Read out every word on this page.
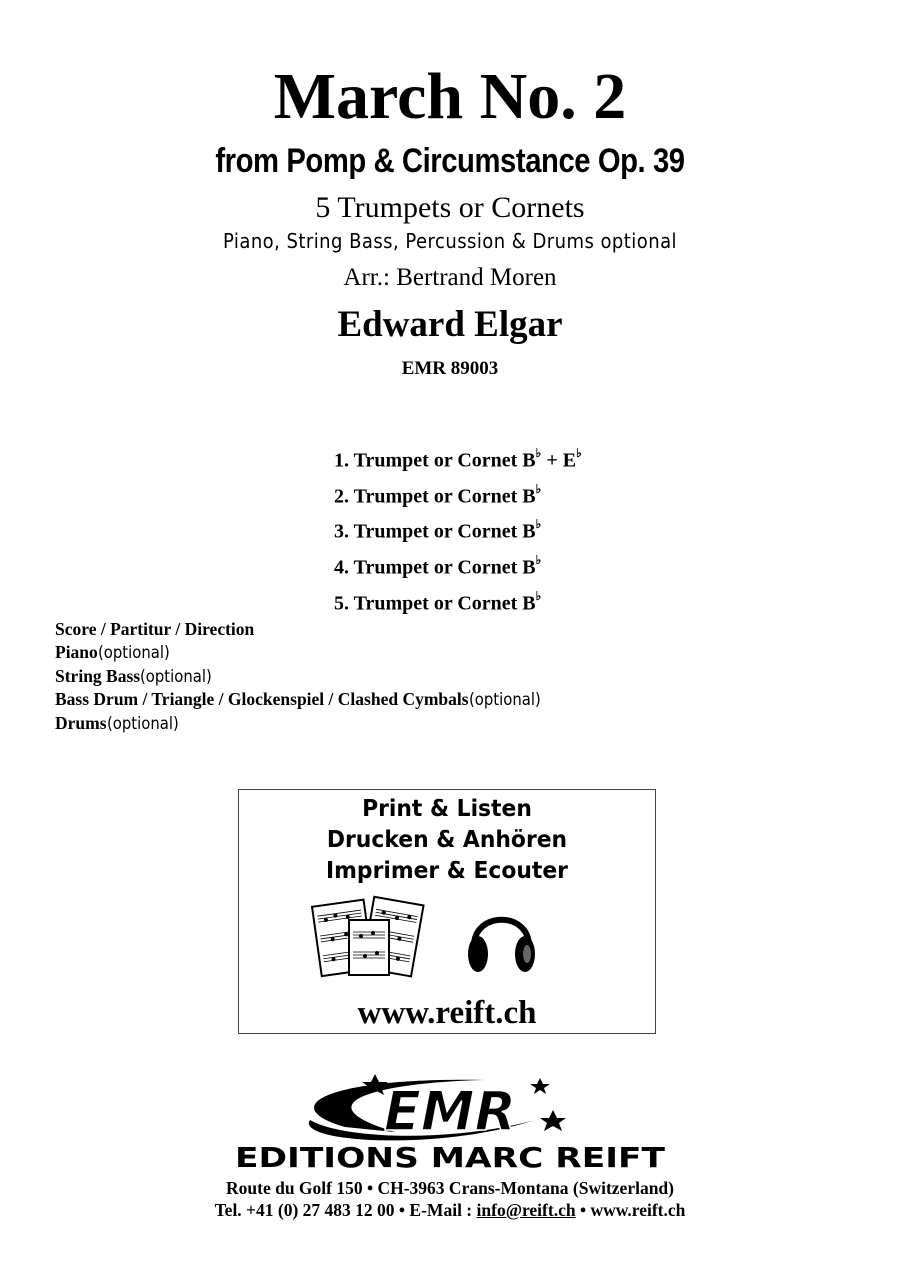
March No. 2
from Pomp & Circumstance Op. 39
5 Trumpets or Cornets
Piano, String Bass, Percussion & Drums optional
Arr.: Bertrand Moren
Edward Elgar
EMR 89003
1. Trumpet or Cornet B♭ + E♭
2. Trumpet or Cornet B♭
3. Trumpet or Cornet B♭
4. Trumpet or Cornet B♭
5. Trumpet or Cornet B♭
Score / Partitur / Direction
Piano(optional)
String Bass(optional)
Bass Drum / Triangle / Glockenspiel / Clashed Cymbals(optional)
Drums(optional)
Print & Listen
Drucken & Anhören
Imprimer & Ecouter
www.reift.ch
EMR
EDITIONS MARC REIFT
Route du Golf 150 • CH-3963 Crans-Montana (Switzerland)
Tel. +41 (0) 27 483 12 00 • E-Mail : info@reift.ch • www.reift.ch
